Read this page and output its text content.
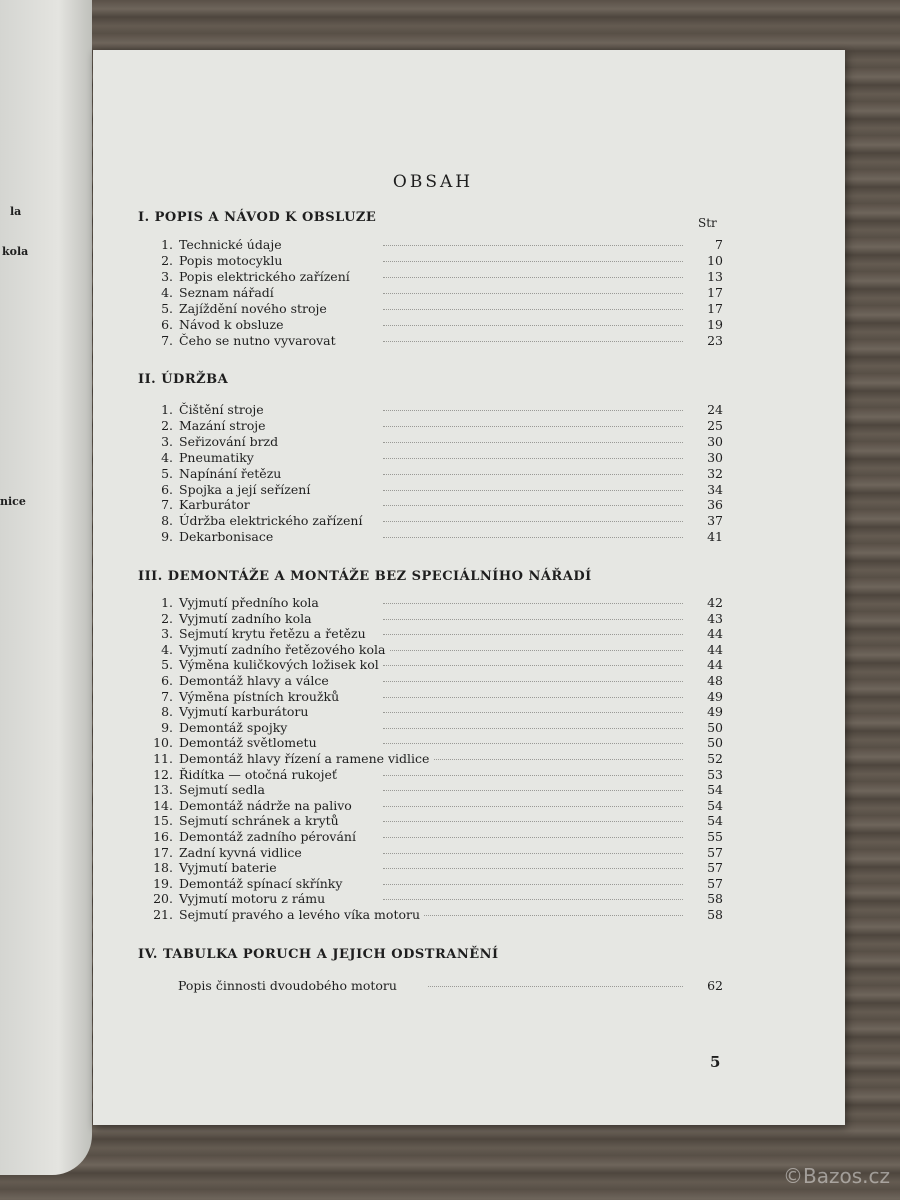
la
kola
nice
OBSAH
Str
I. POPIS A NÁVOD K OBSLUZE
1. Technické údaje	7
2. Popis motocyklu	10
3. Popis elektrického zařízení	13
4. Seznam nářadí	17
5. Zajíždění nového stroje	17
6. Návod k obsluze	19
7. Čeho se nutno vyvarovat	23
II. ÚDRŽBA
1. Čištění stroje	24
2. Mazání stroje	25
3. Seřizování brzd	30
4. Pneumatiky	30
5. Napínání řetězu	32
6. Spojka a její seřízení	34
7. Karburátor	36
8. Údržba elektrického zařízení	37
9. Dekarbonisace	41
III. DEMONTÁŽE A MONTÁŽE BEZ SPECIÁLNÍHO NÁŘADÍ
1. Vyjmutí předního kola	42
2. Vyjmutí zadního kola	43
3. Sejmutí krytu řetězu a řetězu	44
4. Vyjmutí zadního řetězového kola	44
5. Výměna kuličkových ložisek kol	44
6. Demontáž hlavy a válce	48
7. Výměna pístních kroužků	49
8. Vyjmutí karburátoru	49
9. Demontáž spojky	50
10. Demontáž světlometu	50
11. Demontáž hlavy řízení a ramene vidlice	52
12. Řidítka — otočná rukojeť	53
13. Sejmutí sedla	54
14. Demontáž nádrže na palivo	54
15. Sejmutí schránek a krytů	54
16. Demontáž zadního pérování	55
17. Zadní kyvná vidlice	57
18. Vyjmutí baterie	57
19. Demontáž spínací skřínky	57
20. Vyjmutí motoru z rámu	58
21. Sejmutí pravého a levého víka motoru	58
IV. TABULKA PORUCH A JEJICH ODSTRANĚNÍ
Popis činnosti dvoudobého motoru	62
5
©Bazos.cz
